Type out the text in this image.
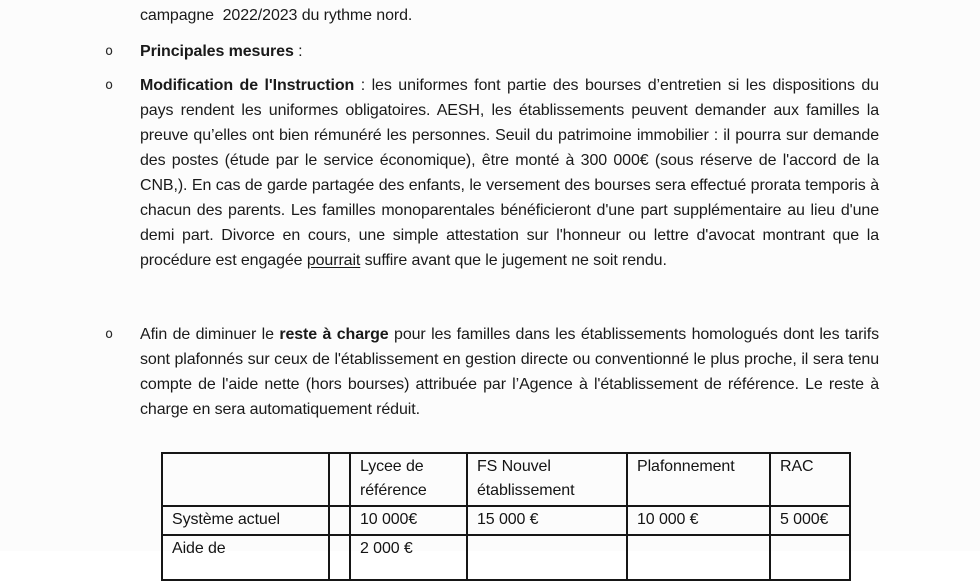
campagne  2022/2023 du rythme nord.
o Principales mesures :
o Modification de l'Instruction : les uniformes font partie des bourses d’entretien si les dispositions du pays rendent les uniformes obligatoires. AESH, les établissements peuvent demander aux familles la preuve qu’elles ont bien rémunéré les personnes. Seuil du patrimoine immobilier : il pourra sur demande des postes (étude par le service économique), être monté à 300 000€ (sous réserve de l'accord de la CNB,). En cas de garde partagée des enfants, le versement des bourses sera effectué prorata temporis à chacun des parents. Les familles monoparentales bénéficieront d'une part supplémentaire au lieu d'une demi part. Divorce en cours, une simple attestation sur l'honneur ou lettre d'avocat montrant que la procédure est engagée pourrait suffire avant que le jugement ne soit rendu.
o Afin de diminuer le reste à charge pour les familles dans les établissements homologués dont les tarifs sont plafonnés sur ceux de l'établissement en gestion directe ou conventionné le plus proche, il sera tenu compte de l'aide nette (hors bourses) attribuée par l’Agence à l'établissement de référence. Le reste à charge en sera automatiquement réduit.
		Lycee de référence	FS Nouvel établissement	Plafonnement	RAC
Système actuel		10 000€	15 000 €	10 000 €	5 000€
Aide de		2 000 €			
